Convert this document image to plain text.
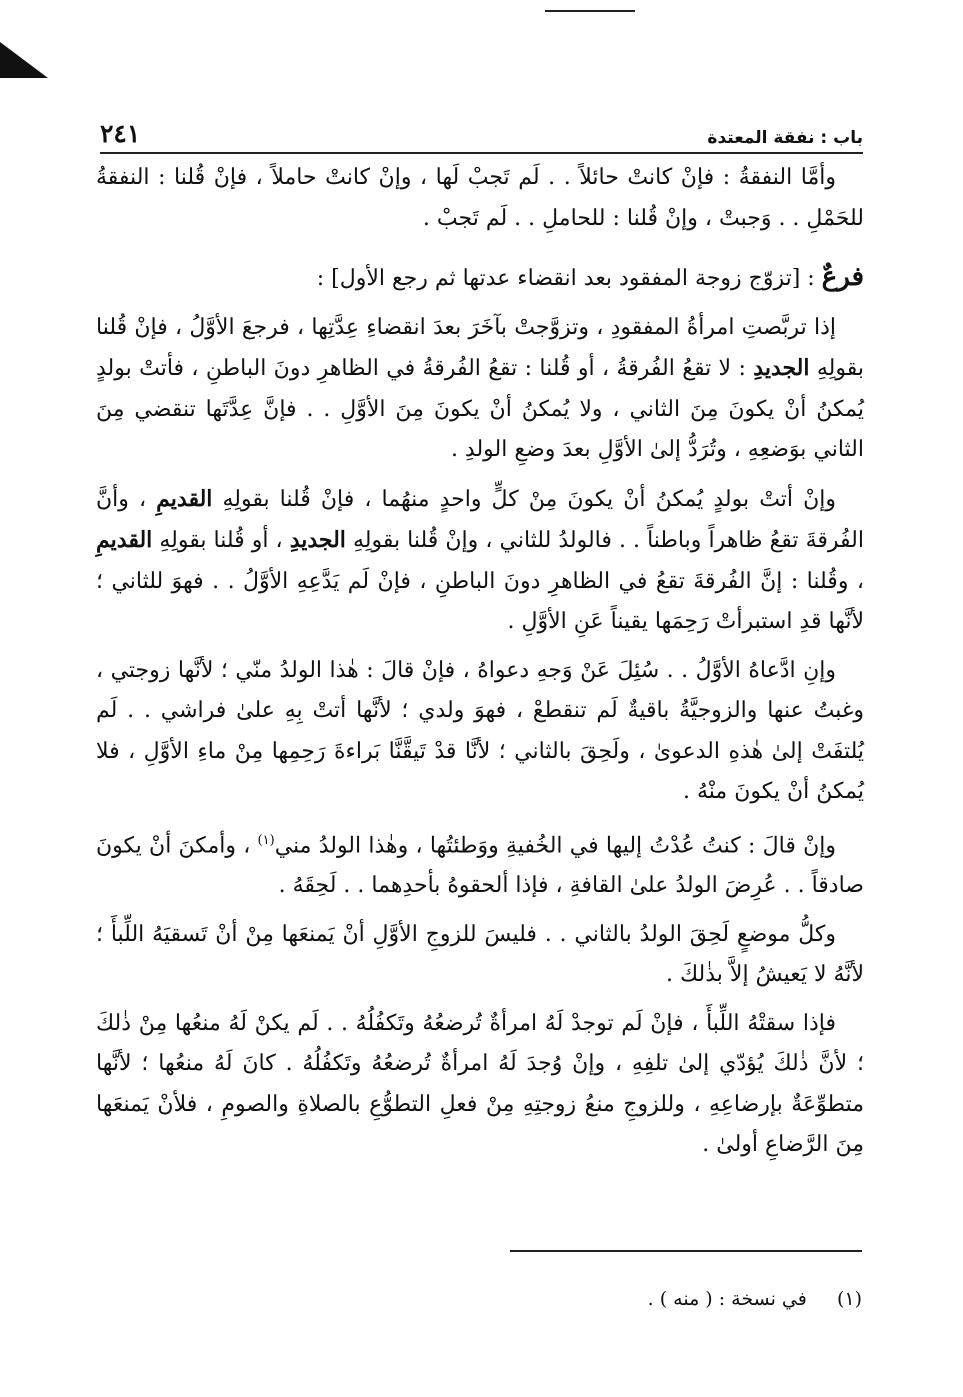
باب : نفقة المعتدة
٢٤١

وأمَّا النفقةُ : فإنْ كانتْ حائلاً . . لَم تَجبْ لَها ، وإنْ كانتْ حاملاً ، فإنْ قُلنا : النفقةُ للحَمْلِ . . وَجبتْ ، وإنْ قُلنا : للحاملِ . . لَم تَجبْ .

فرعٌ : [تزوّج زوجة المفقود بعد انقضاء عدتها ثم رجع الأول] :

إذا تربَّصتِ امرأةُ المفقودِ ، وتزوَّجتْ بآخَرَ بعدَ انقضاءِ عِدَّتِها ، فرجعَ الأوَّلُ ، فإنْ قُلنا بقولِهِ الجديدِ : لا تقعُ الفُرقةُ ، أو قُلنا : تقعُ الفُرقةُ في الظاهرِ دونَ الباطنِ ، فأتتْ بولدٍ يُمكنُ أنْ يكونَ مِنَ الثاني ، ولا يُمكنُ أنْ يكونَ مِنَ الأوَّلِ . . فإنَّ عِدَّتَها تنقضي مِنَ الثاني بوَضعِهِ ، وتُرَدُّ إلىٰ الأوَّلِ بعدَ وضعِ الولدِ .

وإنْ أتتْ بولدٍ يُمكنُ أنْ يكونَ مِنْ كلٍّ واحدٍ منهُما ، فإنْ قُلنا بقولِهِ القديمِ ، وأنَّ الفُرقةَ تقعُ ظاهراً وباطناً . . فالولدُ للثاني ، وإنْ قُلنا بقولِهِ الجديدِ ، أو قُلنا بقولِهِ القديمِ ، وقُلنا : إنَّ الفُرقةَ تقعُ في الظاهرِ دونَ الباطنِ ، فإنْ لَم يَدَّعِهِ الأوَّلُ . . فهوَ للثاني ؛ لأنَّها قدِ استبرأتْ رَحِمَها يقيناً عَنِ الأوَّلِ .

وإنِ ادَّعاهُ الأوَّلُ . . سُئِلَ عَنْ وَجهِ دعواهُ ، فإنْ قالَ : هٰذا الولدُ منّي ؛ لأنَّها زوجتي ، وغبتُ عنها والزوجيَّةُ باقيةٌ لَم تنقطعْ ، فهوَ ولدي ؛ لأنَّها أتتْ بِهِ علىٰ فراشي . . لَم يُلتفَتْ إلىٰ هٰذهِ الدعوىٰ ، ولَحِقَ بالثاني ؛ لأنَّا قدْ تَيقَّنَّا بَراءةَ رَحِمِها مِنْ ماءِ الأوَّلِ ، فلا يُمكنُ أنْ يكونَ منْهُ .

وإنْ قالَ : كنتُ عُدْتُ إليها في الخُفيةِ ووَطئتُها ، وهٰذا الولدُ مني$^{(١)}$ ، وأمكنَ أنْ يكونَ صادقاً . . عُرِضَ الولدُ علىٰ القافةِ ، فإذا ألحقوهُ بأحدِهما . . لَحِقَهُ .

وكلُّ موضعٍ لَحِقَ الولدُ بالثاني . . فليسَ للزوجِ الأوَّلِ أنْ يَمنعَها مِنْ أنْ تَسقيَهُ اللِّبأَ ؛ لأنَّهُ لا يَعيشُ إلاَّ بذٰلكَ .

فإذا سقتْهُ اللِّبأَ ، فإنْ لَم توجدْ لَهُ امرأةٌ تُرضعُهُ وتَكفُلُهُ . . لَم يكنْ لَهُ منعُها مِنْ ذٰلكَ ؛ لأنَّ ذٰلكَ يُؤدّي إلىٰ تلفِهِ ، وإنْ وُجدَ لَهُ امرأةٌ تُرضعُهُ وتَكفُلُهُ . كانَ لَهُ منعُها ؛ لأنَّها متطوِّعَةٌ بإرضاعِهِ ، وللزوجِ منعُ زوجتِهِ مِنْ فعلِ التطوُّعِ بالصلاةِ والصومِ ، فلأنْ يَمنعَها مِنَ الرَّضاعِ أولىٰ .

(١)  في نسخة : ( منه ) .
